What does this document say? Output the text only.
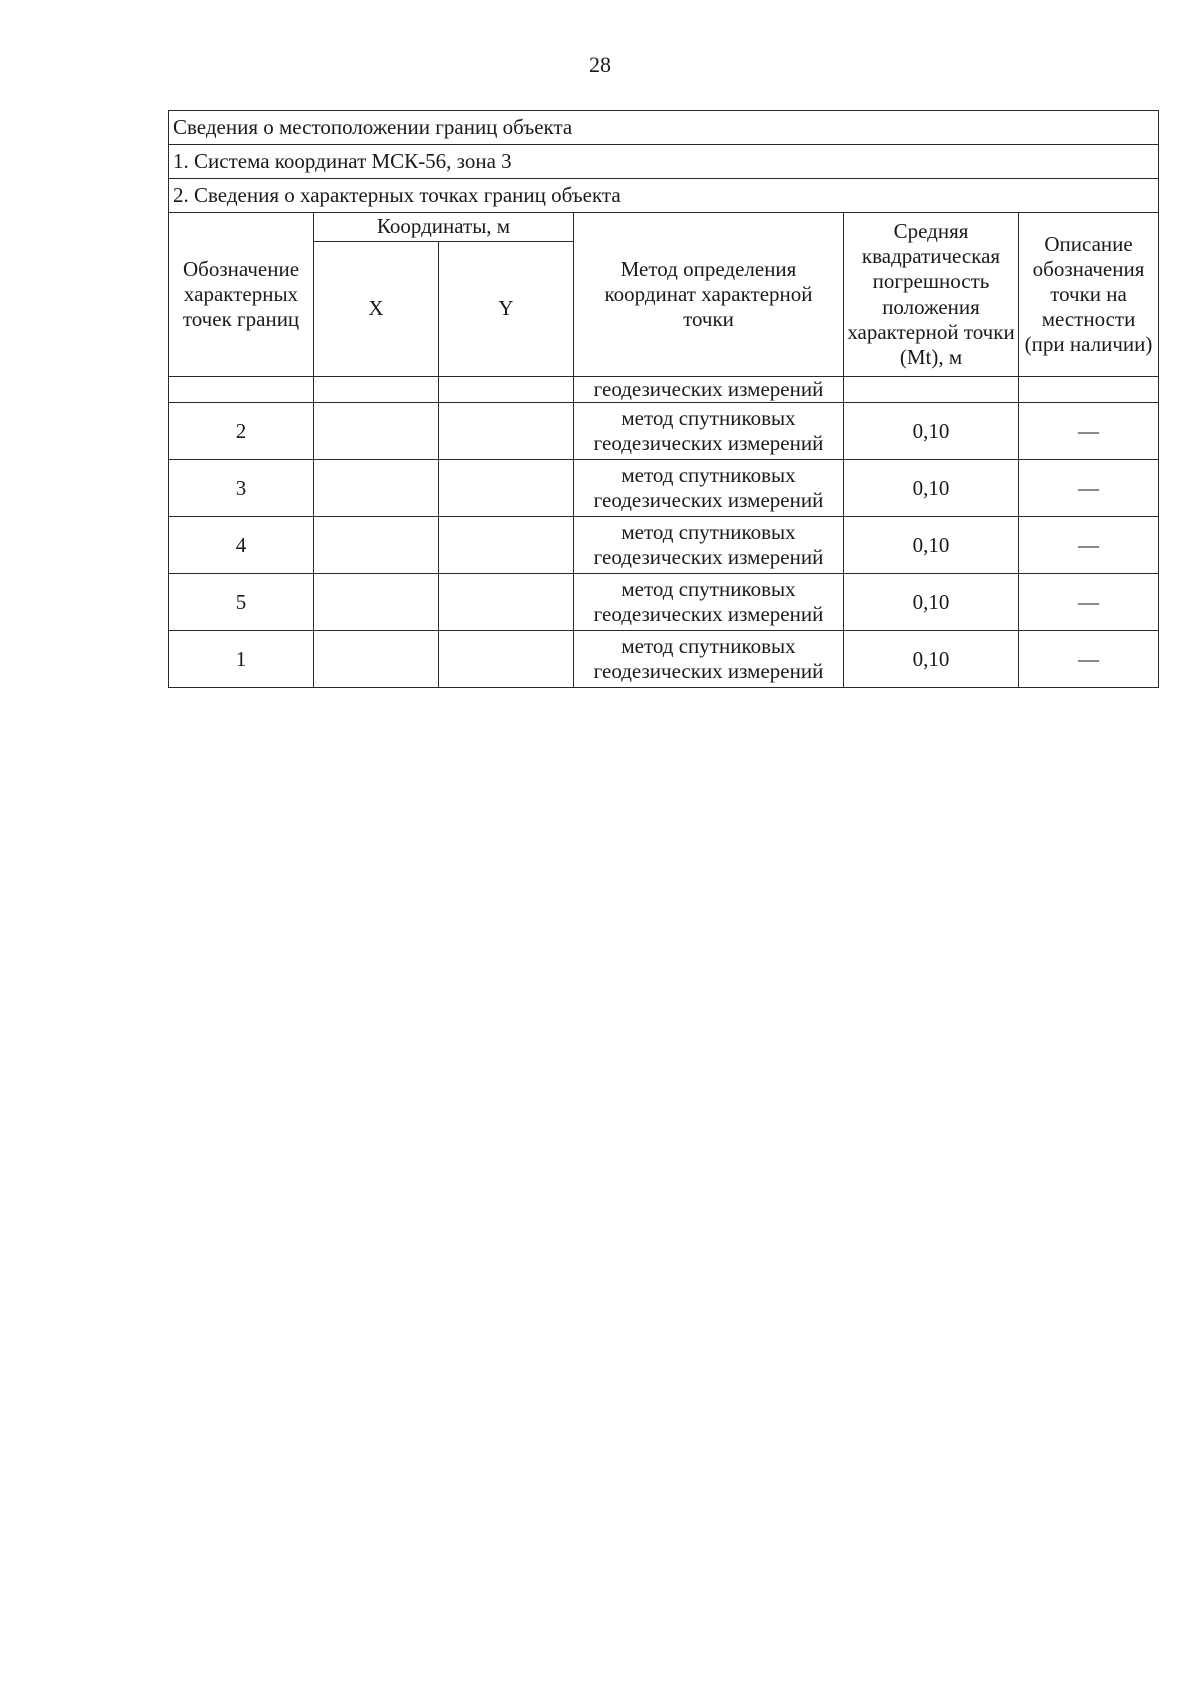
28
Сведения о местоположении границ объекта					
1. Система координат МСК-56, зона 3					
2. Сведения о характерных точках границ объекта					
Обозначение характерных точек границ	Координаты, м		Метод определения координат характерной точки	Средняя квадратическая погрешность положения характерной точки (Mt), м	Описание обозначения точки на местности (при наличии)
	X	Y			
			геодезических измерений		
2			метод спутниковых геодезических измерений	0,10	—
3			метод спутниковых геодезических измерений	0,10	—
4			метод спутниковых геодезических измерений	0,10	—
5			метод спутниковых геодезических измерений	0,10	—
1			метод спутниковых геодезических измерений	0,10	—
